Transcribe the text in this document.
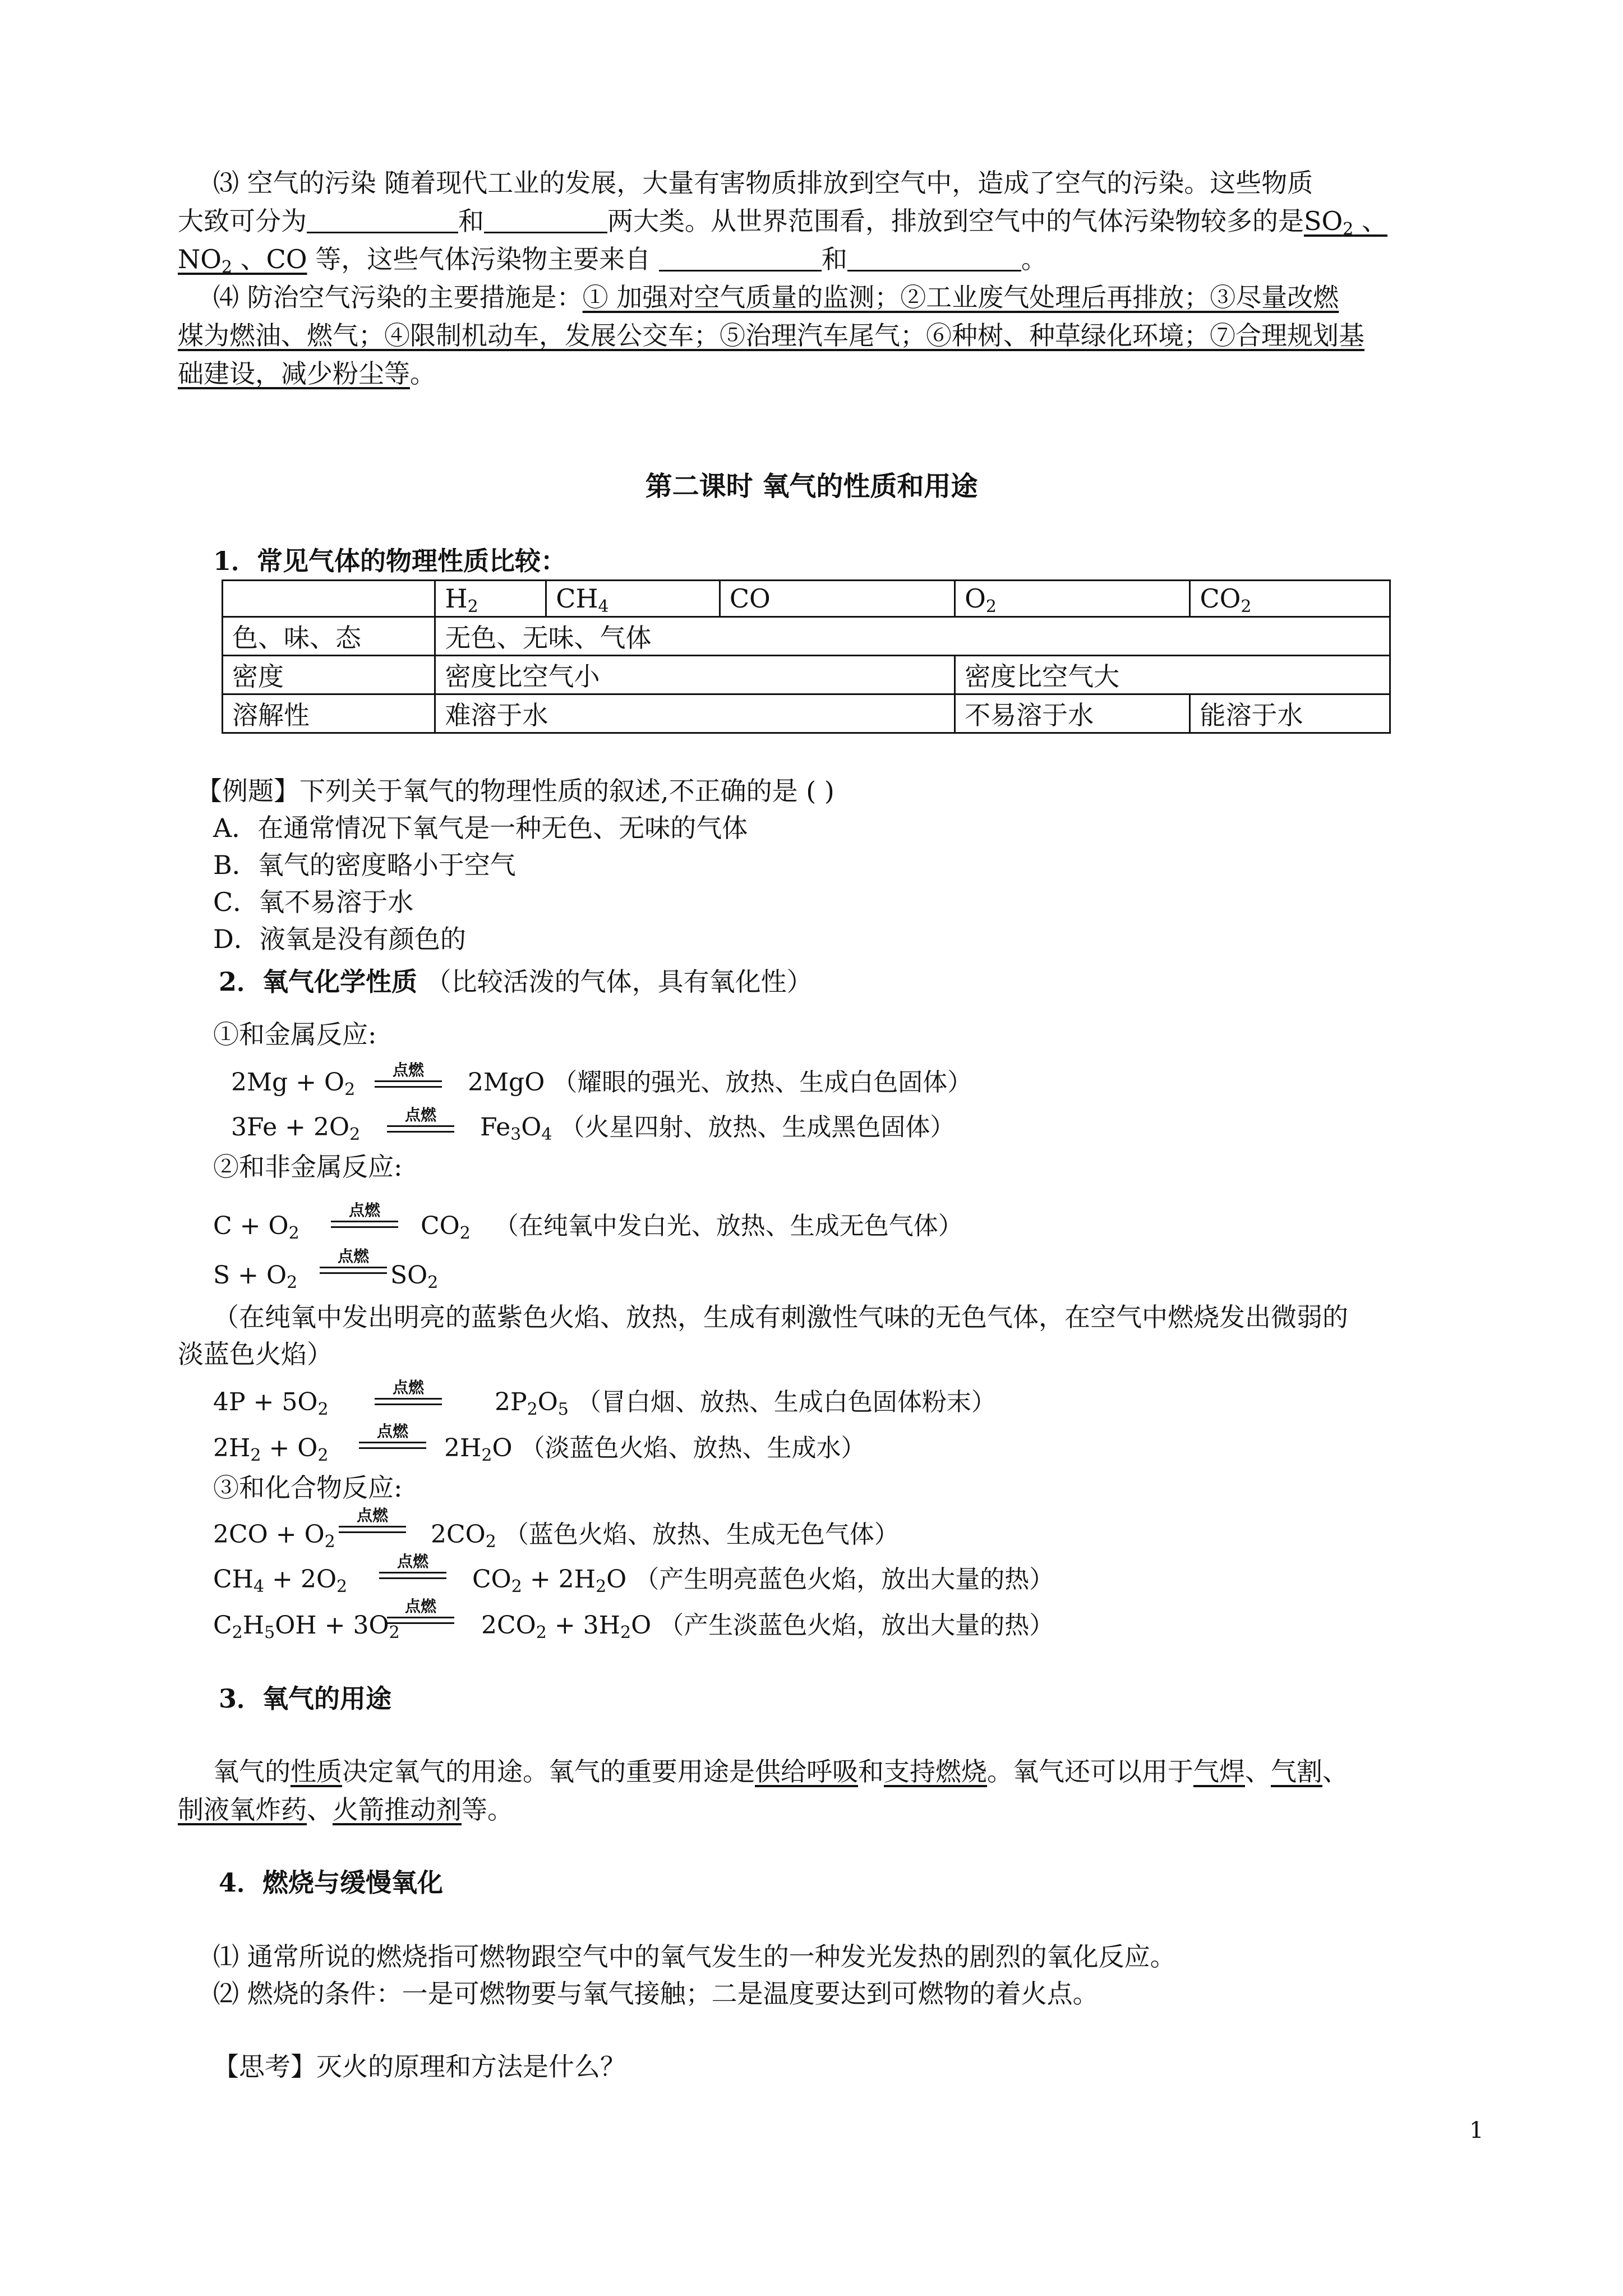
⑶ 空气的污染 随着现代工业的发展，大量有害物质排放到空气中，造成了空气的污染。这些物质
大致可分为	和	两大类。从世界范围看，排放到空气中的气体污染物较多的是$SO_2$ 、
$NO_2$ 、CO 等，这些气体污染物主要来自	和	。
⑷ 防治空气污染的主要措施是：① 加强对空气质量的监测；②工业废气处理后再排放；③尽量改燃
煤为燃油、燃气；④限制机动车，发展公交车；⑤治理汽车尾气；⑥种树、种草绿化环境；⑦合理规划基
础建设，减少粉尘等。
第二课时 氧气的性质和用途
1．常见气体的物理性质比较：
	$H_2$	$CH_4$	CO	$O_2$	$CO_2$
色、味、态	无色、无味、气体				
密度	密度比空气小			密度比空气大	
溶解性	难溶于水			不易溶于水	能溶于水
【例题】下列关于氧气的物理性质的叙述,不正确的是 ( )
A．在通常情况下氧气是一种无色、无味的气体
B．氧气的密度略小于空气
C．氧不易溶于水
D．液氧是没有颜色的
2．氧气化学性质 （比较活泼的气体，具有氧化性）
①和金属反应:
$2Mg + O_2$
点燃	2MgO （耀眼的强光、放热、生成白色固体）
$3Fe + 2O_2$
点燃	$Fe_3O_4$ （火星四射、放热、生成黑色固体）
②和非金属反应:
$C + O_2$
点燃
$CO_2$ （在纯氧中发白光、放热、生成无色气体）
$S + O_2$
点燃
$SO_2$
（在纯氧中发出明亮的蓝紫色火焰、放热，生成有刺激性气味的无色气体，在空气中燃烧发出微弱的
淡蓝色火焰）
$4P + 5O_2$
点燃
$2P_2O_5$ （冒白烟、放热、生成白色固体粉末）
$2H_2 + O_2$
点燃
$2H_2O$ （淡蓝色火焰、放热、生成水）
③和化合物反应:
$2CO + O_2$
点燃
$2CO_2$ （蓝色火焰、放热、生成无色气体）
$CH_4 + 2O_2$
点燃
$CO_2 + 2H_2O$ （产生明亮蓝色火焰，放出大量的热）
$C_2H_5OH + 3O_2$
点燃
$2CO_2 + 3H_2O$ （产生淡蓝色火焰，放出大量的热）
3．氧气的用途
氧气的性质决定氧气的用途。氧气的重要用途是供给呼吸和支持燃烧。氧气还可以用于气焊、气割、
制液氧炸药、火箭推动剂等。
4．燃烧与缓慢氧化
⑴ 通常所说的燃烧指可燃物跟空气中的氧气发生的一种发光发热的剧烈的氧化反应。
⑵ 燃烧的条件：一是可燃物要与氧气接触；二是温度要达到可燃物的着火点。
【思考】灭火的原理和方法是什么？
1
